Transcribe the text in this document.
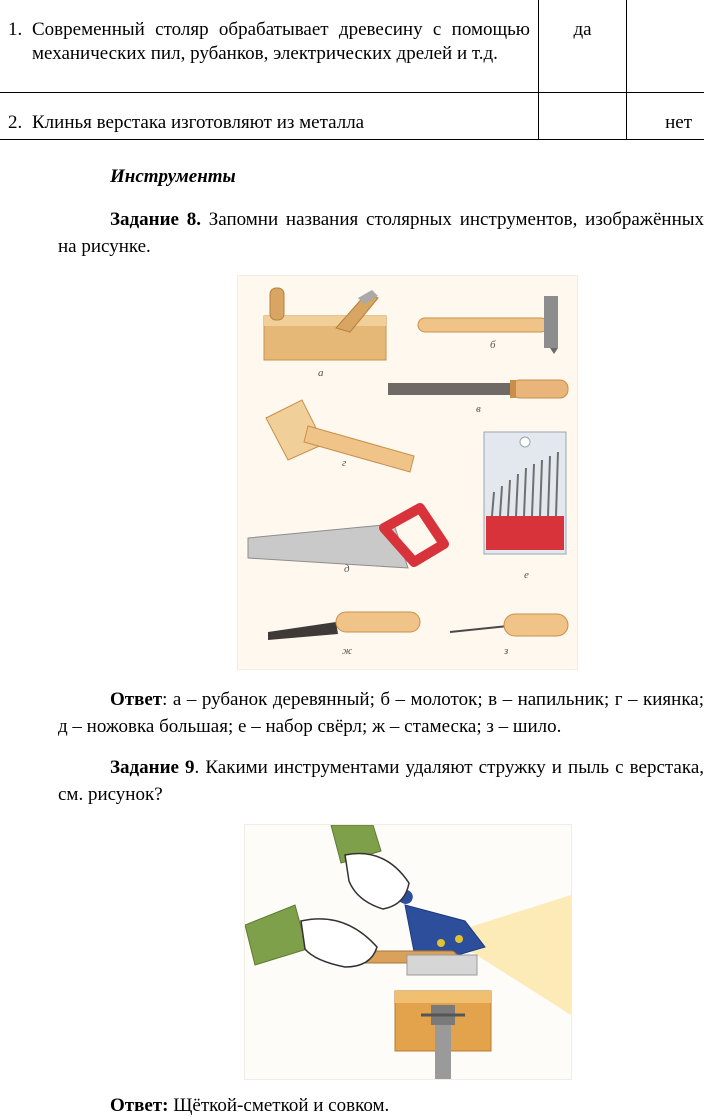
1. Современный столяр обрабатывает древесину с помощью механических пил, рубанков, электрических дрелей и т.д.	да	

2. Клинья верстака изготовляют из металла		нет
Инструменты
Задание 8. Запомни названия столярных инструментов, изображённых на рисунке.
а
б
в
г
е
д
ж	з
Ответ: а – рубанок деревянный; б – молоток; в – напильник; г – киянка; д – ножовка большая; е – набор свёрл; ж – стамеска; з – шило.
Задание 9. Какими инструментами удаляют стружку и пыль с верстака, см. рисунок?
Ответ: Щёткой-сметкой и совком.
